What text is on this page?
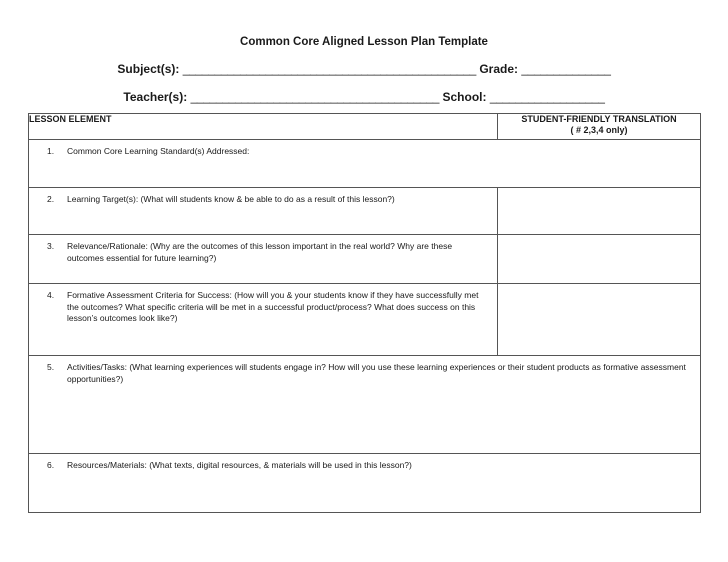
Common Core Aligned Lesson Plan Template
Subject(s): ______________________________________________ Grade: ______________
Teacher(s): _______________________________________ School: __________________
LESSON ELEMENT	STUDENT-FRIENDLY TRANSLATION
( # 2,3,4 only)

1. Common Core Learning Standard(s) Addressed:	

2. Learning Target(s): (What will students know & be able to do as a result of this lesson?)	

3. Relevance/Rationale: (Why are the outcomes of this lesson important in the real world? Why are these outcomes essential for future learning?)	

4. Formative Assessment Criteria for Success: (How will you & your students know if they have successfully met the outcomes? What specific criteria will be met in a successful product/process? What does success on this lesson’s outcomes look like?)	

5. Activities/Tasks: (What learning experiences will students engage in? How will you use these learning experiences or their student products as formative assessment opportunities?)	

6. Resources/Materials: (What texts, digital resources, & materials will be used in this lesson?)	
